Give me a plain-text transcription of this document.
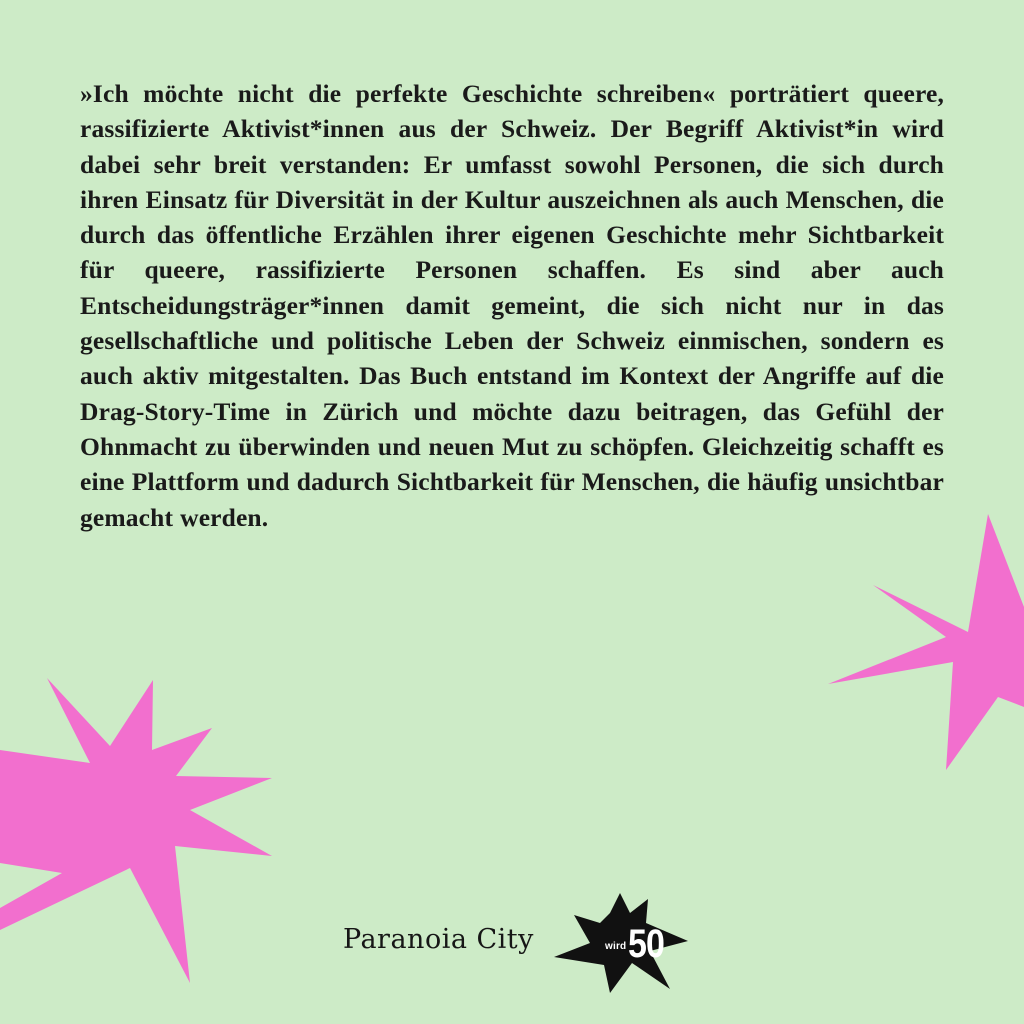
»Ich möchte nicht die perfekte Geschichte schreiben« porträtiert queere, rassifizierte Aktivist*innen aus der Schweiz. Der Begriff Aktivist*in wird dabei sehr breit verstanden: Er umfasst sowohl Personen, die sich durch ihren Einsatz für Diversität in der Kultur auszeichnen als auch Menschen, die durch das öffentliche Erzählen ihrer eigenen Geschichte mehr Sichtbarkeit für queere, rassifizierte Personen schaffen. Es sind aber auch Entscheidungsträger*innen damit gemeint, die sich nicht nur in das gesellschaftliche und politische Leben der Schweiz einmischen, sondern es auch aktiv mitgestalten. Das Buch entstand im Kontext der Angriffe auf die Drag-Story-Time in Zürich und möchte dazu beitragen, das Gefühl der Ohnmacht zu überwinden und neuen Mut zu schöpfen. Gleichzeitig schafft es eine Plattform und dadurch Sichtbarkeit für Menschen, die häufig unsichtbar gemacht werden.

Paranoia City	wird 50
